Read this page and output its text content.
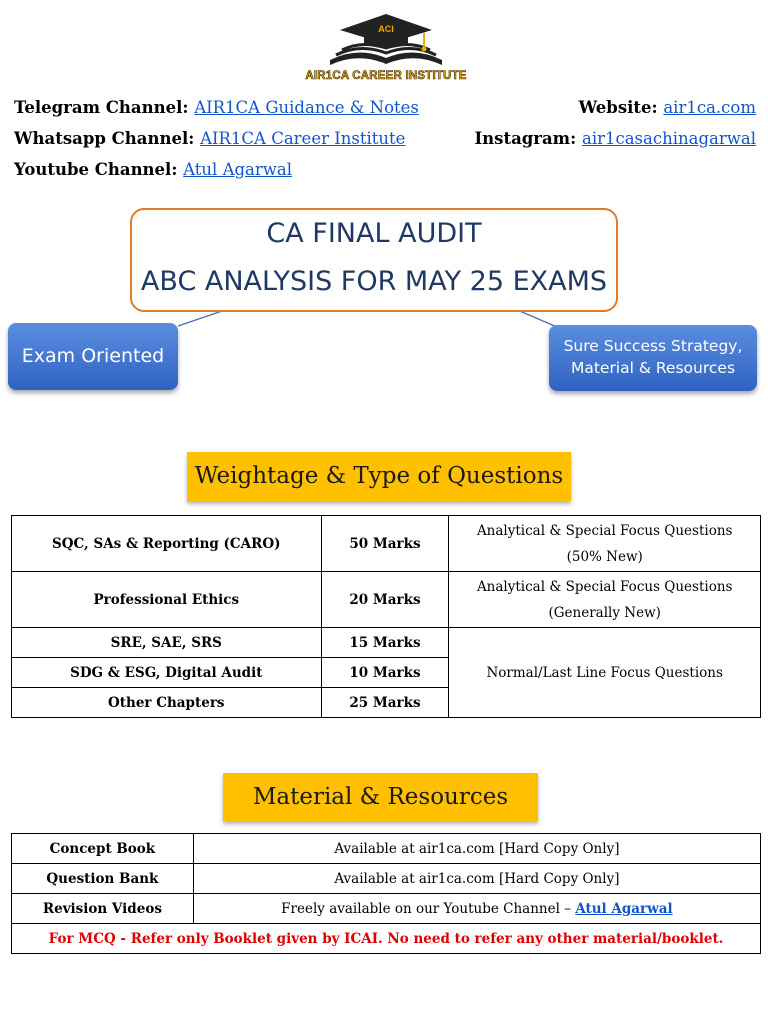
ACI
AIR1CA CAREER INSTITUTE
Telegram Channel: AIR1CA Guidance & Notes	Website: air1ca.com
Whatsapp Channel: AIR1CA Career Institute	Instagram: air1casachinagarwal
Youtube Channel: Atul Agarwal
CA FINAL AUDIT
ABC ANALYSIS FOR MAY 25 EXAMS
Exam Oriented	Sure Success Strategy,
Material & Resources
Weightage & Type of Questions
SQC, SAs & Reporting (CARO)	50 Marks	Analytical & Special Focus Questions
(50% New)

Professional Ethics	20 Marks	Analytical & Special Focus Questions
(Generally New)

SRE, SAE, SRS	15 Marks	Normal/Last Line Focus Questions
SDG & ESG, Digital Audit	10 Marks	
Other Chapters	25 Marks	
Material & Resources
Concept Book	Available at air1ca.com [Hard Copy Only]
Question Bank	Available at air1ca.com [Hard Copy Only]
Revision Videos	Freely available on our Youtube Channel – Atul Agarwal
For MCQ - Refer only Booklet given by ICAI. No need to refer any other material/booklet.	
